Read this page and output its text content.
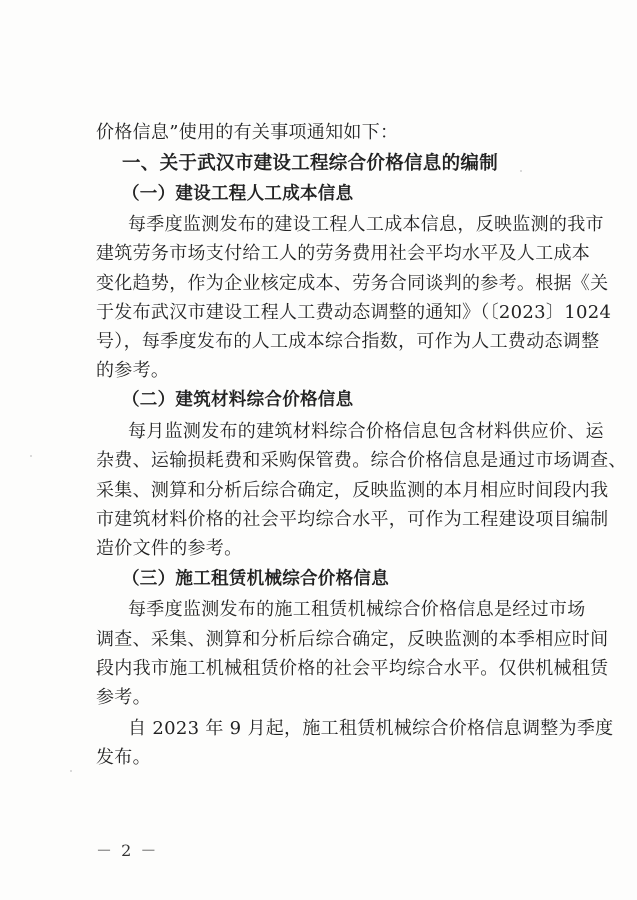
价格信息”使用的有关事项通知如下：
一、关于武汉市建设工程综合价格信息的编制
（一）建设工程人工成本信息
每季度监测发布的建设工程人工成本信息，反映监测的我市
建筑劳务市场支付给工人的劳务费用社会平均水平及人工成本
变化趋势，作为企业核定成本、劳务合同谈判的参考。根据《关
于发布武汉市建设工程人工费动态调整的通知》（〔2023〕1024
号），每季度发布的人工成本综合指数，可作为人工费动态调整
的参考。
（二）建筑材料综合价格信息
每月监测发布的建筑材料综合价格信息包含材料供应价、运
杂费、运输损耗费和采购保管费。综合价格信息是通过市场调查、
采集、测算和分析后综合确定，反映监测的本月相应时间段内我
市建筑材料价格的社会平均综合水平，可作为工程建设项目编制
造价文件的参考。
（三）施工租赁机械综合价格信息
每季度监测发布的施工租赁机械综合价格信息是经过市场
调查、采集、测算和分析后综合确定，反映监测的本季相应时间
段内我市施工机械租赁价格的社会平均综合水平。仅供机械租赁
参考。
自 2023 年 9 月起，施工租赁机械综合价格信息调整为季度
发布。
－ 2 －
